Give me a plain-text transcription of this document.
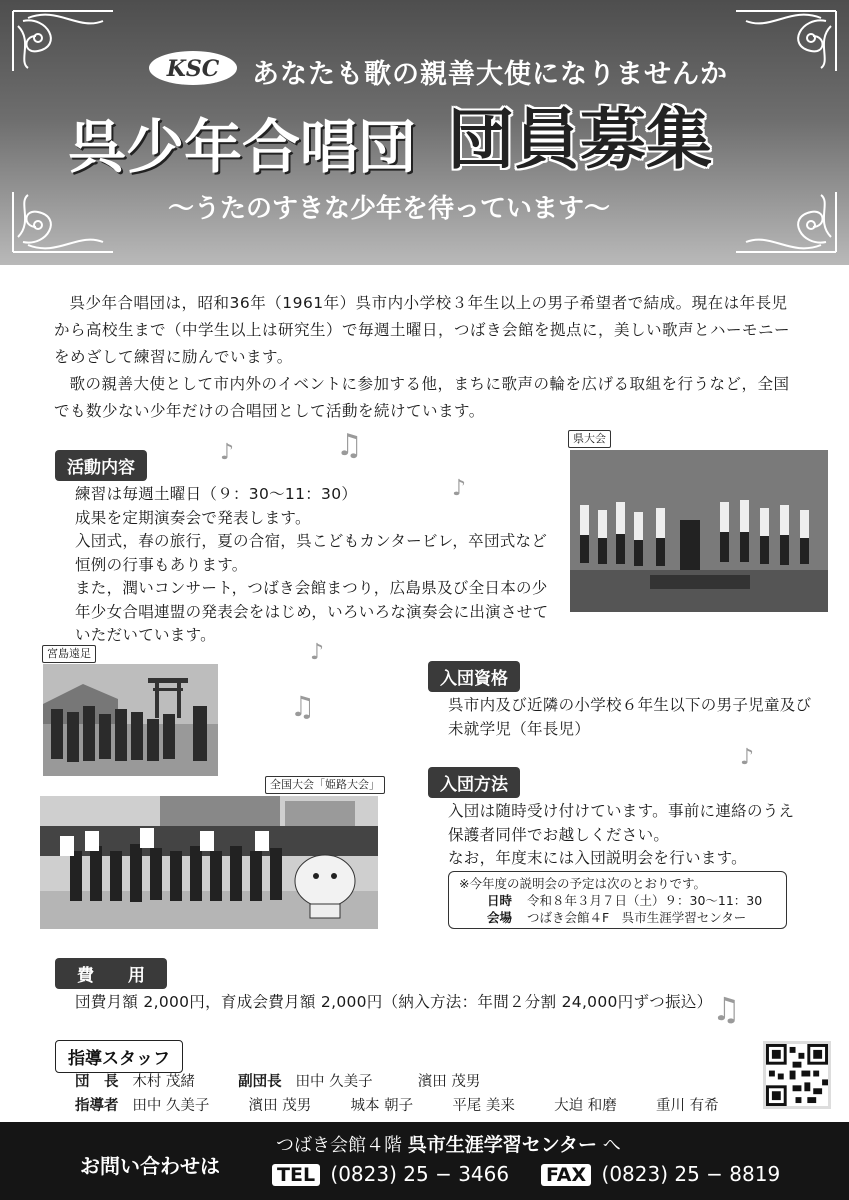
KSC あなたも歌の親善大使になりませんか
呉少年合唱団 団員募集
～うたのすきな少年を待っています～

呉少年合唱団は，昭和36年（1961年）呉市内小学校３年生以上の男子希望者で結成。現在は年長児から高校生まで（中学生以上は研究生）で毎週土曜日，つばき会館を拠点に，美しい歌声とハーモニーをめざして練習に励んでいます。

歌の親善大使として市内外のイベントに参加する他，まちに歌声の輪を広げる取組を行うなど，全国でも数少ない少年だけの合唱団として活動を続けています。

♪	♫
♪
♪
♫
♪
♫
活動内容
練習は毎週土曜日（９：30〜11：30）
成果を定期演奏会で発表します。
入団式，春の旅行，夏の合宿，呉こどもカンタービレ，卒団式など
恒例の行事もあります。
また，潤いコンサート，つばき会館まつり，広島県及び全日本の少
年少女合唱連盟の発表会をはじめ，いろいろな演奏会に出演させて
いただいています。
県大会
宮島遠足
全国大会「姫路大会」
入団資格
呉市内及び近隣の小学校６年生以下の男子児童及び
未就学児（年長児）
入団方法
入団は随時受け付けています。事前に連絡のうえ
保護者同伴でお越しください。
なお，年度末には入団説明会を行います。
※今年度の説明会の予定は次のとおりです。
日時 令和８年３月７日（土）９：30〜11：30
会場 つばき会館４F　呉市生涯学習センター
費　　用
団費月額 2,000円，育成会費月額 2,000円（納入方法：年間２分割 24,000円ずつ振込）
指導スタッフ
団　長 木村 茂緒	副団長 田中 久美子	濱田 茂男
指導者 田中 久美子	濱田 茂男	城本 朝子	平尾 美来	大迫 和磨	重川 有希
お問い合わせは
つばき会館４階 呉市生涯学習センター へ
TEL (0823) 25 − 3466 FAX (0823) 25 − 8819
